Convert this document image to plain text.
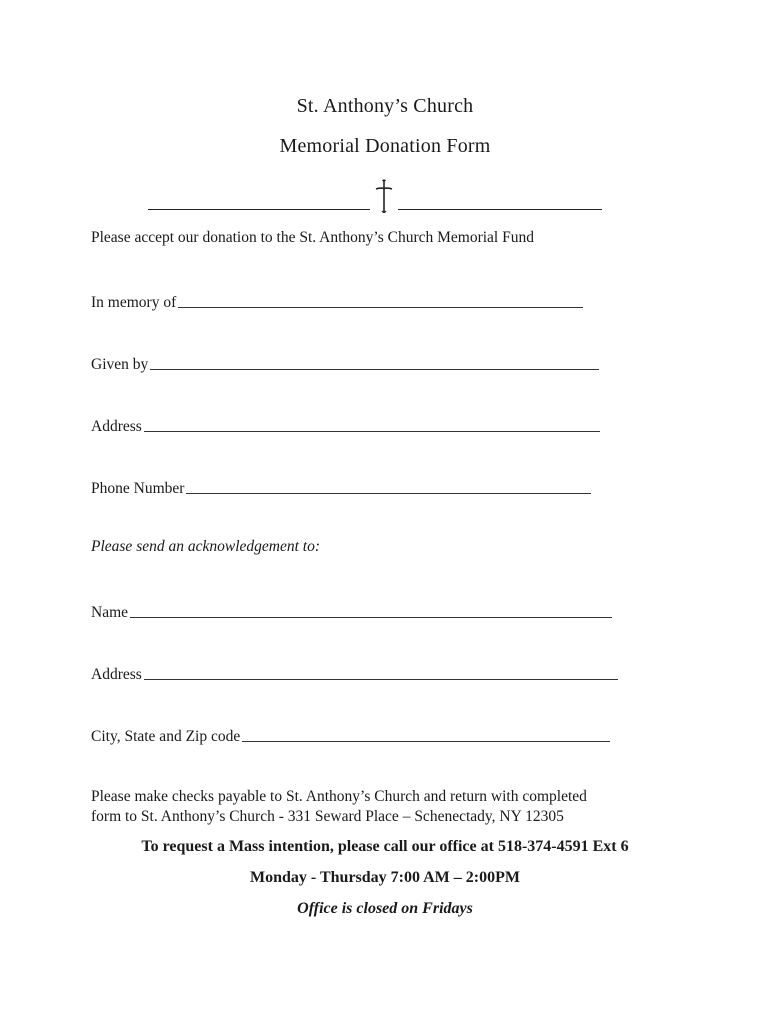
St. Anthony’s Church
Memorial Donation Form
Please accept our donation to the St. Anthony’s Church Memorial Fund
In memory of
Given by
Address
Phone Number
Please send an acknowledgement to:
Name
Address
City, State and Zip code
Please make checks payable to St. Anthony’s Church and return with completed
form to St. Anthony’s Church - 331 Seward Place – Schenectady, NY 12305
To request a Mass intention, please call our office at 518-374-4591 Ext 6
Monday - Thursday 7:00 AM – 2:00PM
Office is closed on Fridays
